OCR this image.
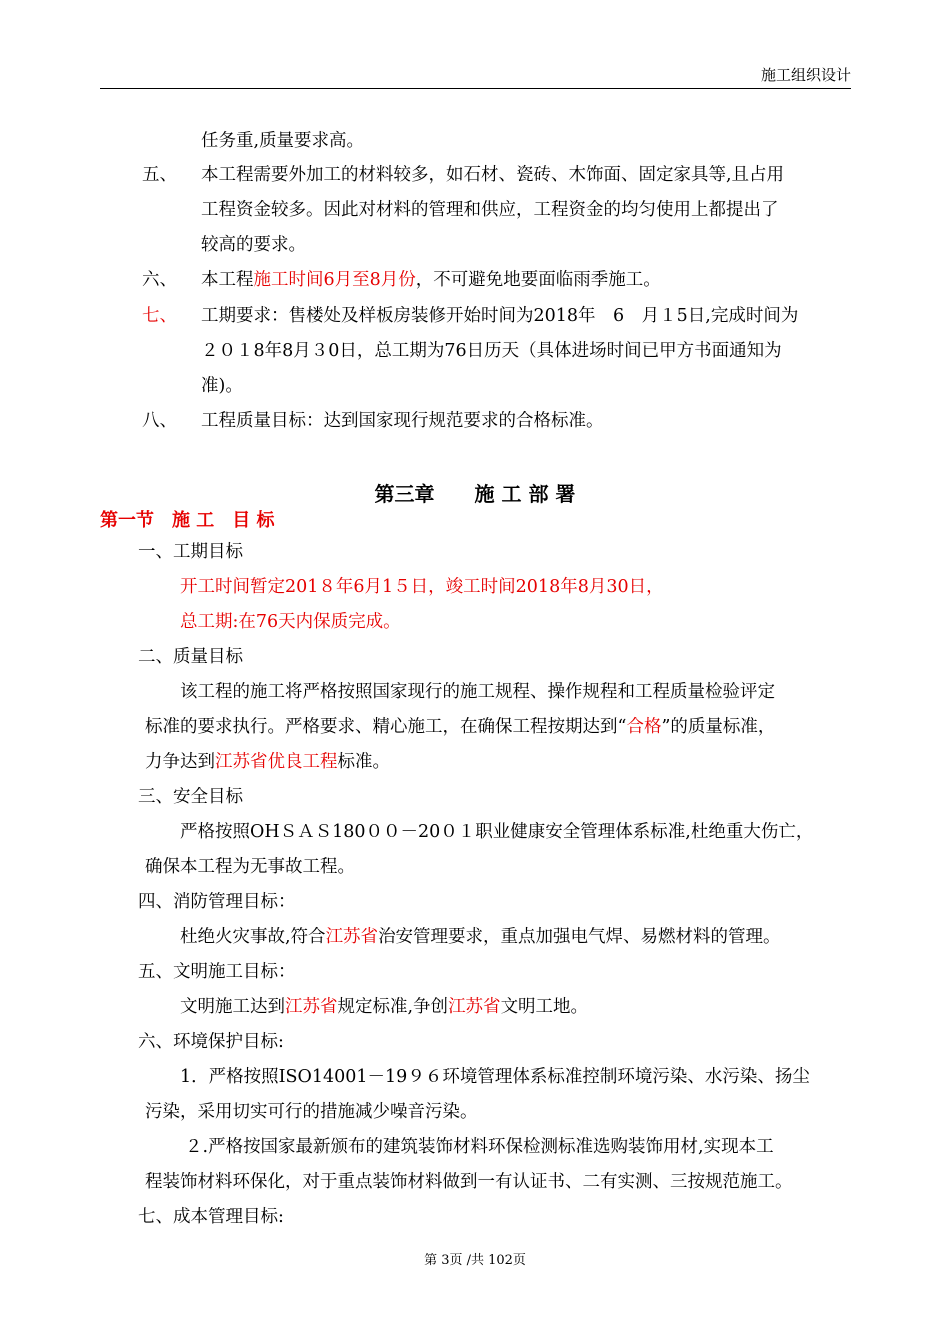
施工组织设计
任务重,质量要求高。
五、 本工程需要外加工的材料较多，如石材、瓷砖、木饰面、固定家具等,且占用
工程资金较多。因此对材料的管理和供应，工程资金的均匀使用上都提出了
较高的要求。
六、 本工程施工时间6月至8月份，不可避免地要面临雨季施工。
七、 工期要求：售楼处及样板房装修开始时间为2018年　6　月１5日,完成时间为
２０１8年8月３0日，总工期为76日历天（具体进场时间已甲方书面通知为
准)。
八、 工程质量目标：达到国家现行规范要求的合格标准。
第三章　　施 工 部 署
第一节　施 工　目 标
一、工期目标
开工时间暂定201８年6月1５日，竣工时间2018年8月30日，
总工期:在76天内保质完成。
二、质量目标
该工程的施工将严格按照国家现行的施工规程、操作规程和工程质量检验评定
标准的要求执行。严格要求、精心施工，在确保工程按期达到“合格”的质量标准，
力争达到江苏省优良工程标准。
三、安全目标
严格按照OHＳＡＳ180００－20０１职业健康安全管理体系标准,杜绝重大伤亡，
确保本工程为无事故工程。
四、消防管理目标：
杜绝火灾事故,符合江苏省治安管理要求，重点加强电气焊、易燃材料的管理。
五、文明施工目标：
文明施工达到江苏省规定标准,争创江苏省文明工地。
六、环境保护目标:
1．严格按照ISO14001－19９６环境管理体系标准控制环境污染、水污染、扬尘
污染，采用切实可行的措施减少噪音污染。
２.严格按国家最新颁布的建筑装饰材料环保检测标准选购装饰用材,实现本工
程装饰材料环保化，对于重点装饰材料做到一有认证书、二有实测、三按规范施工。
七、成本管理目标:
第 3页 /共 102页
